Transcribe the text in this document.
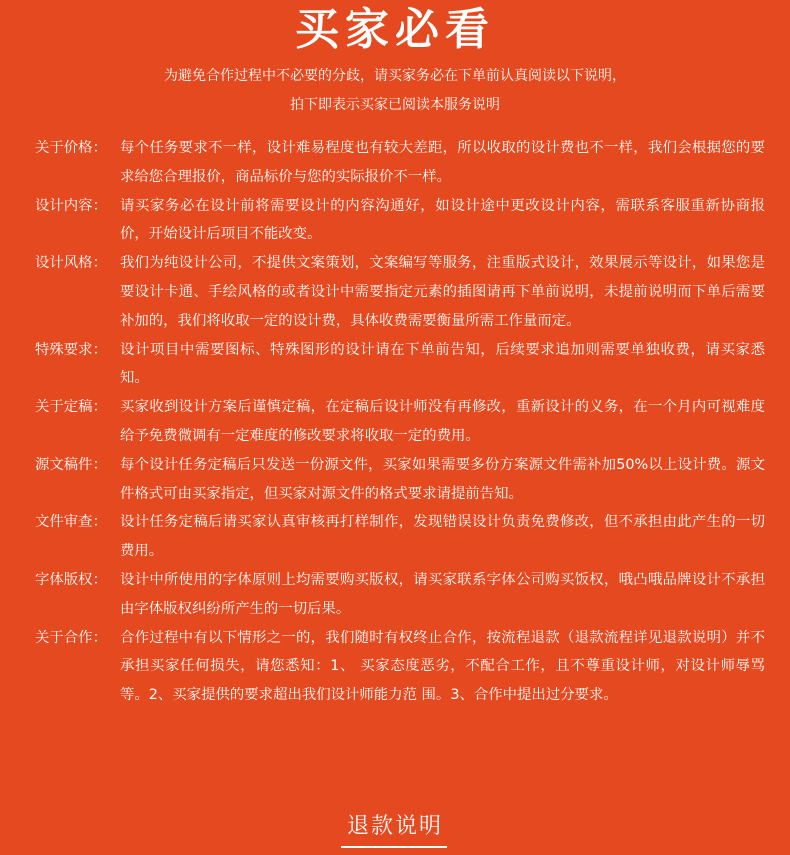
买家必看
为避免合作过程中不必要的分歧，请买家务必在下单前认真阅读以下说明，
拍下即表示买家已阅读本服务说明
关于价格： 每个任务要求不一样，设计难易程度也有较大差距，所以收取的设计费也不一样，我们会根据您的要求给您合理报价，商品标价与您的实际报价不一样。
设计内容： 请买家务必在设计前将需要设计的内容沟通好，如设计途中更改设计内容，需联系客服重新协商报价，开始设计后项目不能改变。
设计风格： 我们为纯设计公司，不提供文案策划，文案编写等服务，注重版式设计，效果展示等设计，如果您是要设计卡通、手绘风格的或者设计中需要指定元素的插图请再下单前说明，未提前说明而下单后需要补加的，我们将收取一定的设计费，具体收费需要衡量所需工作量而定。
特殊要求： 设计项目中需要图标、特殊图形的设计请在下单前告知，后续要求追加则需要单独收费，请买家悉知。
关于定稿： 买家收到设计方案后谨慎定稿，在定稿后设计师没有再修改，重新设计的义务，在一个月内可视难度给予免费微调有一定难度的修改要求将收取一定的费用。
源文稿件： 每个设计任务定稿后只发送一份源文件，买家如果需要多份方案源文件需补加50%以上设计费。源文件格式可由买家指定，但买家对源文件的格式要求请提前告知。
文件审查： 设计任务定稿后请买家认真审核再打样制作，发现错误设计负责免费修改，但不承担由此产生的一切费用。
字体版权： 设计中所使用的字体原则上均需要购买版权，请买家联系字体公司购买饭权，哦凸哦品牌设计不承担由字体版权纠纷所产生的一切后果。
关于合作： 合作过程中有以下情形之一的，我们随时有权终止合作，按流程退款（退款流程详见退款说明）并不承担买家任何损失，请您悉知：1、 买家态度恶劣，不配合工作，且不尊重设计师，对设计师辱骂等。2、买家提供的要求超出我们设计师能力范 围。3、合作中提出过分要求。
退款说明
